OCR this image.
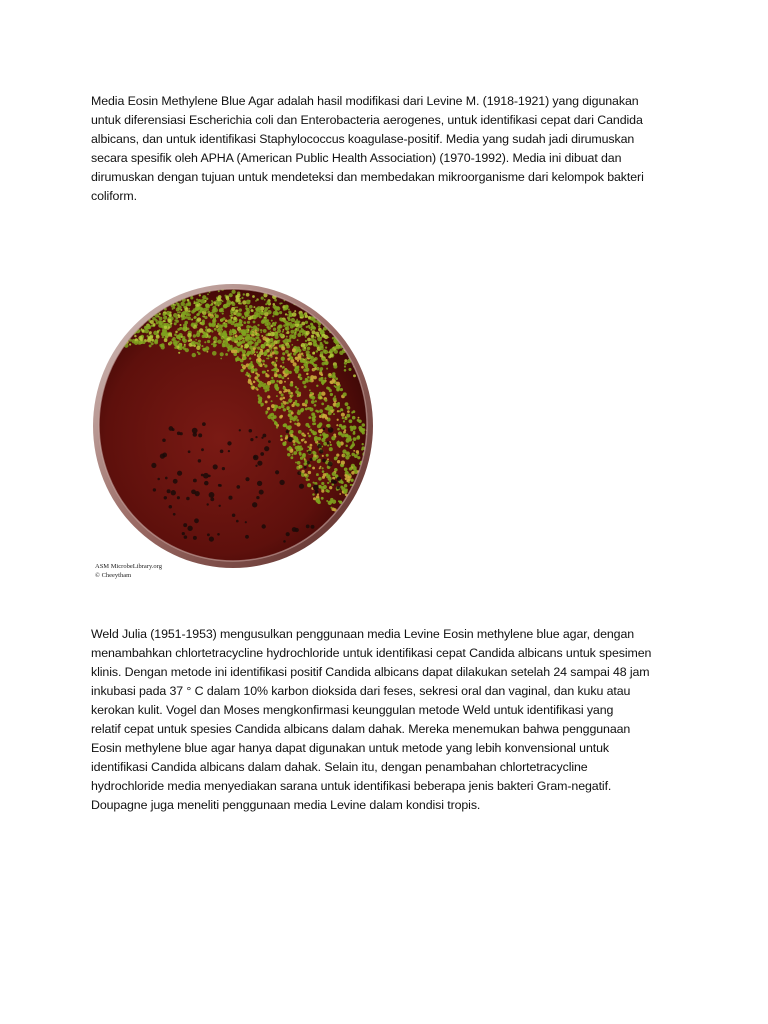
Media Eosin Methylene Blue Agar adalah hasil modifikasi dari Levine M. (1918-1921) yang digunakan
untuk diferensiasi Escherichia coli dan Enterobacteria aerogenes, untuk identifikasi cepat dari Candida
albicans, dan untuk identifikasi Staphylococcus koagulase-positif. Media yang sudah jadi dirumuskan
secara spesifik oleh APHA (American Public Health Association) (1970-1992). Media ini dibuat dan
dirumuskan dengan tujuan untuk mendeteksi dan membedakan mikroorganisme dari kelompok bakteri
coliform.

ASM MicrobeLibrary.org
© Cheeytham

Weld Julia (1951-1953) mengusulkan penggunaan media Levine Eosin methylene blue agar, dengan
menambahkan chlortetracycline hydrochloride untuk identifikasi cepat Candida albicans untuk spesimen
klinis. Dengan metode ini identifikasi positif Candida albicans dapat dilakukan setelah 24 sampai 48 jam
inkubasi pada 37 ° C dalam 10% karbon dioksida dari feses, sekresi oral dan vaginal, dan kuku atau
kerokan kulit. Vogel dan Moses mengkonfirmasi keunggulan metode Weld untuk identifikasi yang
relatif cepat untuk spesies Candida albicans dalam dahak. Mereka menemukan bahwa penggunaan
Eosin methylene blue agar hanya dapat digunakan untuk metode yang lebih konvensional untuk
identifikasi Candida albicans dalam dahak. Selain itu, dengan penambahan chlortetracycline
hydrochloride media menyediakan sarana untuk identifikasi beberapa jenis bakteri Gram-negatif.
Doupagne juga meneliti penggunaan media Levine dalam kondisi tropis.
